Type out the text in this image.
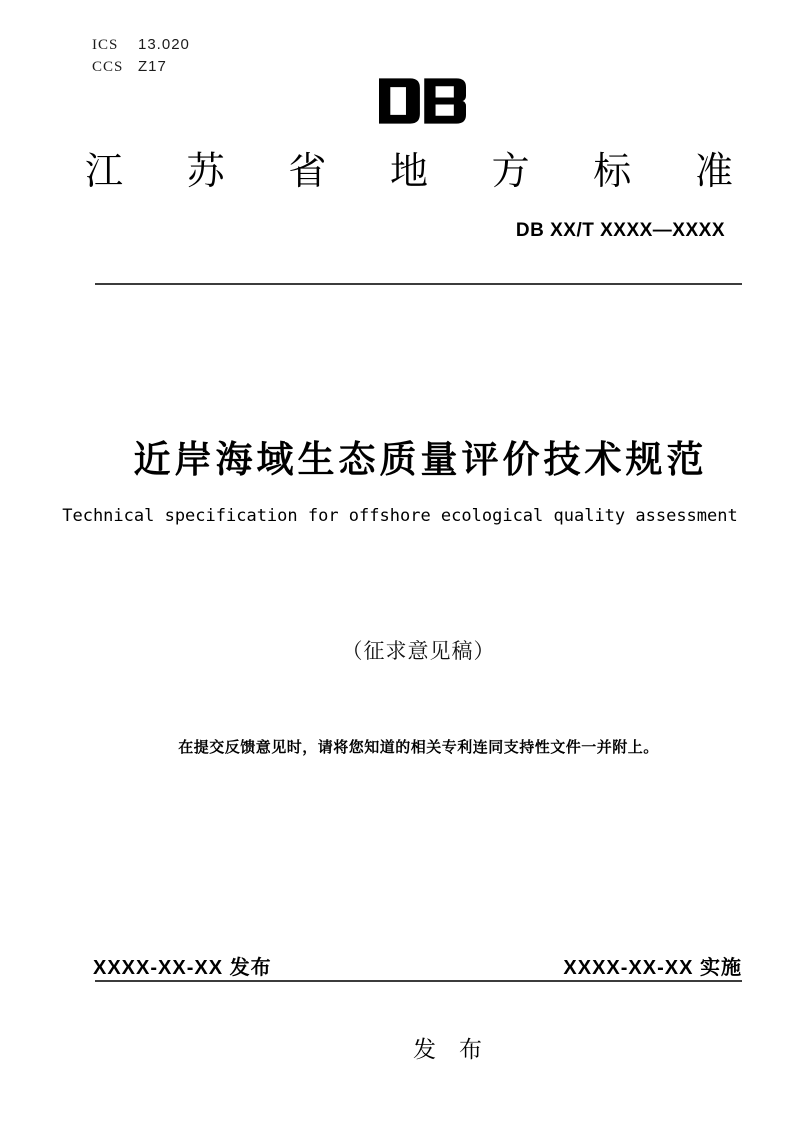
ICS	13.020
CCS Z17
江 苏 省 地 方 标 准
DB XX/T XXXX—XXXX
近岸海域生态质量评价技术规范
Technical specification for offshore ecological quality assessment
（征求意见稿）
在提交反馈意见时，请将您知道的相关专利连同支持性文件一并附上。
XXXX-XX-XX 发布	XXXX-XX-XX 实施
发　布
